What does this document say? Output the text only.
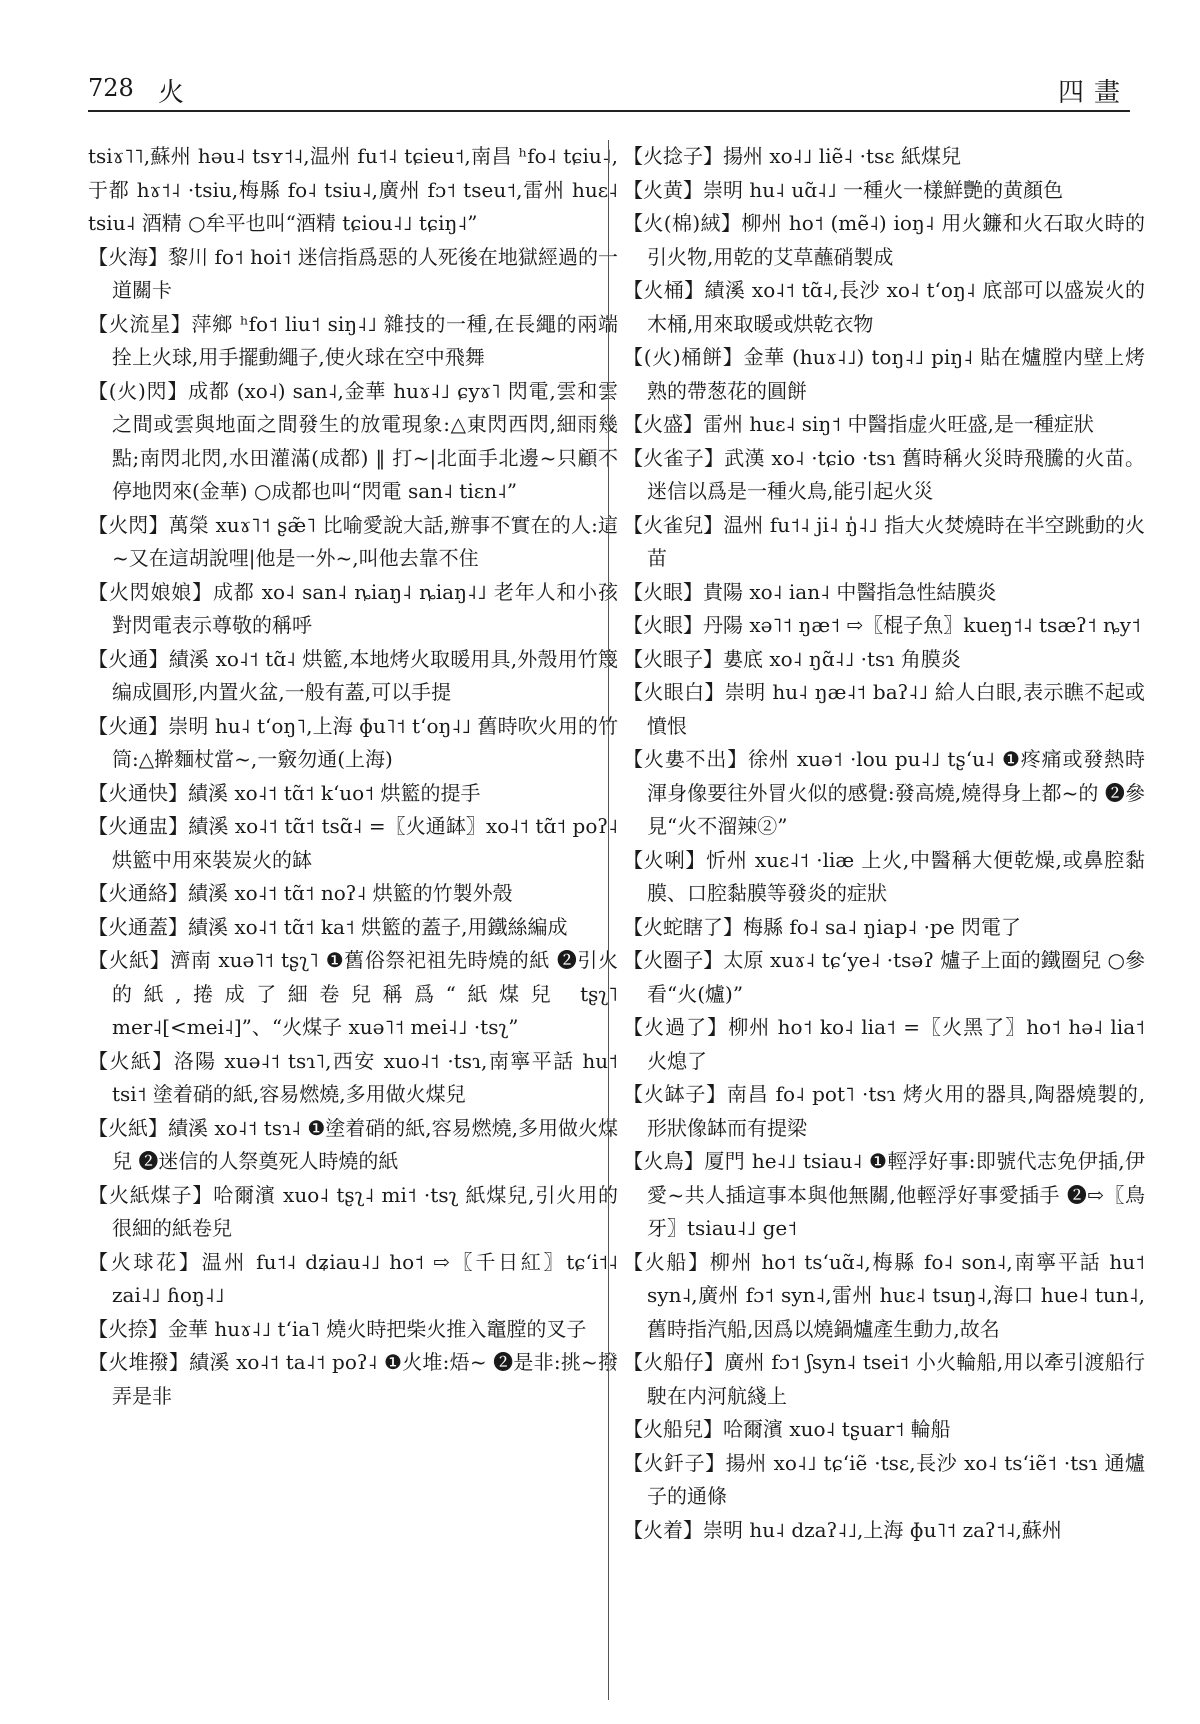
728 火	四畫

tsiɤ˥˥,蘇州 həu˨ tsʏ˦˨,温州 fu˦˨ tɕieu˦,南昌 ʰfo˨ tɕiu˨,于都 hɤ˦˨ ·tsiu,梅縣 fo˨ tsiu˨,廣州 fɔ˦ tseu˦,雷州 huɛ˨ tsiu˨ 酒精 ○牟平也叫“酒精 tɕiou˨˩ tɕiŋ˨”

【火海】黎川 fo˦ hoi˦ 迷信指爲惡的人死後在地獄經過的一道關卡

【火流星】萍鄉 ʰfo˦ liu˦ siŋ˨˩ 雜技的一種,在長繩的兩端拴上火球,用手擺動繩子,使火球在空中飛舞

【(火)閃】成都 (xo˨) san˨,金華 huɤ˨˩ ɕyɤ˥ 閃電,雲和雲之間或雲與地面之間發生的放電現象:△東閃西閃,細雨幾點;南閃北閃,水田灌滿(成都) ‖ 打~|北面手北邊~只顧不停地閃來(金華) ○成都也叫“閃電 san˨ tiɛn˨”

【火閃】萬榮 xuɤ˥˦ ʂæ̃˥ 比喻愛說大話,辦事不實在的人:這~又在這胡說哩|他是一外~,叫他去靠不住

【火閃娘娘】成都 xo˨ san˨ ȵiaŋ˨ ȵiaŋ˨˩ 老年人和小孩對閃電表示尊敬的稱呼

【火通】績溪 xo˨˦ tɑ̃˨ 烘籃,本地烤火取暖用具,外殼用竹篾编成圓形,内置火盆,一般有蓋,可以手提

【火通】崇明 hu˨ tʻoŋ˥,上海 ɸu˥˦ tʻoŋ˨˩ 舊時吹火用的竹筒:△擀麵杖當~,一竅勿通(上海)

【火通快】績溪 xo˨˦ tɑ̃˦ kʻuo˦ 烘籃的提手

【火通盅】績溪 xo˨˦ tɑ̃˦ tsɑ̃˨ =〖火通缽〗xo˨˦ tɑ̃˦ poʔ˨ 烘籃中用來裝炭火的缽

【火通絡】績溪 xo˨˦ tɑ̃˦ noʔ˨ 烘籃的竹製外殼

【火通蓋】績溪 xo˨˦ tɑ̃˦ ka˦ 烘籃的蓋子,用鐵絲編成

【火紙】濟南 xuə˥˦ tʂʅ˥ ❶舊俗祭祀祖先時燒的紙 ❷引火的紙,捲成了細卷兒稱爲“紙煤兒 tʂʅ˥ mer˨[<mei˨]”、“火煤子 xuə˥˦ mei˨˩ ·tsʅ”

【火紙】洛陽 xuə˨˦ tsɿ˥,西安 xuo˨˦ ·tsɿ,南寧平話 hu˦ tsi˦ 塗着硝的紙,容易燃燒,多用做火煤兒

【火紙】績溪 xo˨˦ tsɿ˨ ❶塗着硝的紙,容易燃燒,多用做火煤兒 ❷迷信的人祭奠死人時燒的紙

【火紙煤子】哈爾濱 xuo˨ tʂʅ˨ mi˦ ·tsʅ 紙煤兒,引火用的很細的紙卷兒

【火球花】温州 fu˦˨ dʑiau˨˩ ho˦ ⇨〖千日紅〗tɕʻi˦˨ zai˨˩ ɦoŋ˨˩

【火捺】金華 huɤ˨˩ tʻia˥ 燒火時把柴火推入竈膛的叉子

【火堆撥】績溪 xo˨˦ ta˨˦ poʔ˨ ❶火堆:焐~ ❷是非:挑~撥弄是非

【火捻子】揚州 xo˨˩ liẽ˨ ·tsɛ 紙煤兒

【火黄】崇明 hu˨ uɑ̃˨˩ 一種火一樣鮮艷的黄顏色

【火(棉)絨】柳州 ho˦ (mẽ˨) ioŋ˨ 用火鐮和火石取火時的引火物,用乾的艾草蘸硝製成

【火桶】績溪 xo˨˦ tɑ̃˨,長沙 xo˨ tʻoŋ˨ 底部可以盛炭火的木桶,用來取暖或烘乾衣物

【(火)桶餅】金華 (huɤ˨˩) toŋ˨˩ piŋ˨ 貼在爐膛内壁上烤熟的帶葱花的圓餅

【火盛】雷州 huɛ˨ siŋ˦ 中醫指虚火旺盛,是一種症狀

【火雀子】武漢 xo˨ ·tɕio ·tsɿ 舊時稱火災時飛騰的火苗。迷信以爲是一種火鳥,能引起火災

【火雀兒】温州 fu˦˨ ji˨ ŋ̍˨˩ 指大火焚燒時在半空跳動的火苗

【火眼】貴陽 xo˨ ian˨ 中醫指急性結膜炎

【火眼】丹陽 xə˥˦ ŋæ˦ ⇨〖棍子魚〗kueŋ˦˨ tsæʔ˦ ȵy˦

【火眼子】婁底 xo˨ ŋɑ̃˨˩ ·tsɿ 角膜炎

【火眼白】崇明 hu˨ ŋæ˨˦ baʔ˨˩ 給人白眼,表示瞧不起或憤恨

【火婁不出】徐州 xuə˦ ·lou pu˨˩ tʂʻu˨ ❶疼痛或發熱時渾身像要往外冒火似的感覺:發高燒,燒得身上都~的 ❷參見“火不溜辣②”

【火唎】忻州 xuɛ˨˦ ·liæ 上火,中醫稱大便乾燥,或鼻腔黏膜、口腔黏膜等發炎的症狀

【火蛇瞎了】梅縣 fo˨ sa˨ ŋiap˨ ·pe 閃電了

【火圈子】太原 xuɤ˨ tɕʻye˨ ·tsəʔ 爐子上面的鐵圈兒 ○參看“火(爐)”

【火過了】柳州 ho˦ ko˨ lia˦ =〖火黑了〗ho˦ hə˨ lia˦ 火熄了

【火缽子】南昌 fo˨ pot˥ ·tsɿ 烤火用的器具,陶器燒製的,形狀像缽而有提梁

【火鳥】厦門 he˨˩ tsiau˨ ❶輕浮好事:即號代志免伊插,伊愛~共人插這事本與他無關,他輕浮好事愛插手 ❷⇨〖鳥牙〗tsiau˨˩ ge˦

【火船】柳州 ho˦ tsʻuɑ̃˨,梅縣 fo˨ son˨,南寧平話 hu˦ syn˨,廣州 fɔ˦ syn˨,雷州 huɛ˨ tsuŋ˨,海口 hue˨ tun˨,舊時指汽船,因爲以燒鍋爐產生動力,故名

【火船仔】廣州 fɔ˦ ʃsyn˨ tsei˦ 小火輪船,用以牽引渡船行駛在内河航綫上

【火船兒】哈爾濱 xuo˨ tʂuar˦ 輪船

【火釺子】揚州 xo˨˩ tɕʻiẽ ·tsɛ,長沙 xo˨ tsʻiẽ˦ ·tsɿ 通爐子的通條

【火着】崇明 hu˨ dzaʔ˨˩,上海 ɸu˥˦ zaʔ˦˨,蘇州
